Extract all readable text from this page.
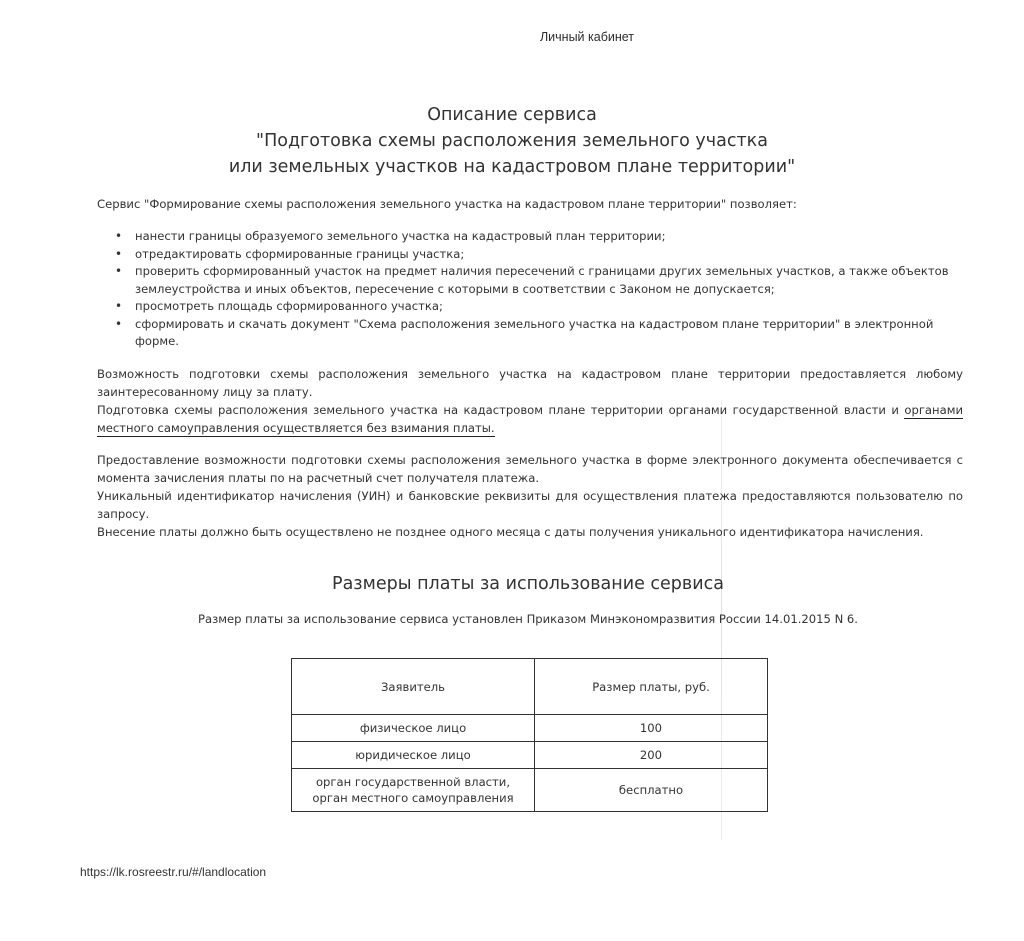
Личный кабинет
Описание сервиса
"Подготовка схемы расположения земельного участка
или земельных участков на кадастровом плане территории"
Сервис "Формирование схемы расположения земельного участка на кадастровом плане территории" позволяет:
• нанести границы образуемого земельного участка на кадастровый план территории;
• отредактировать сформированные границы участка;
• проверить сформированный участок на предмет наличия пересечений с границами других земельных участков, а также объектов землеустройства и иных объектов, пересечение с которыми в соответствии с Законом не допускается;
• просмотреть площадь сформированного участка;
• сформировать и скачать документ "Схема расположения земельного участка на кадастровом плане территории" в электронной форме.

Возможность подготовки схемы расположения земельного участка на кадастровом плане территории предоставляется любому заинтересованному лицу за плату.

Подготовка схемы расположения земельного участка на кадастровом плане территории органами государственной власти и органами местного самоуправления осуществляется без взимания платы.

Предоставление возможности подготовки схемы расположения земельного участка в форме электронного документа обеспечивается с момента зачисления платы по на расчетный счет получателя платежа.

Уникальный идентификатор начисления (УИН) и банковские реквизиты для осуществления платежа предоставляются пользователю по запросу.

Внесение платы должно быть осуществлено не позднее одного месяца с даты получения уникального идентификатора начисления.

Размеры платы за использование сервиса
Размер платы за использование сервиса установлен Приказом Минэкономразвития России 14.01.2015 N 6.
Заявитель	Размер платы, руб.
физическое лицо	100
юридическое лицо	200

орган государственной власти,
орган местного самоуправления	бесплатно
https://lk.rosreestr.ru/#/landlocation
